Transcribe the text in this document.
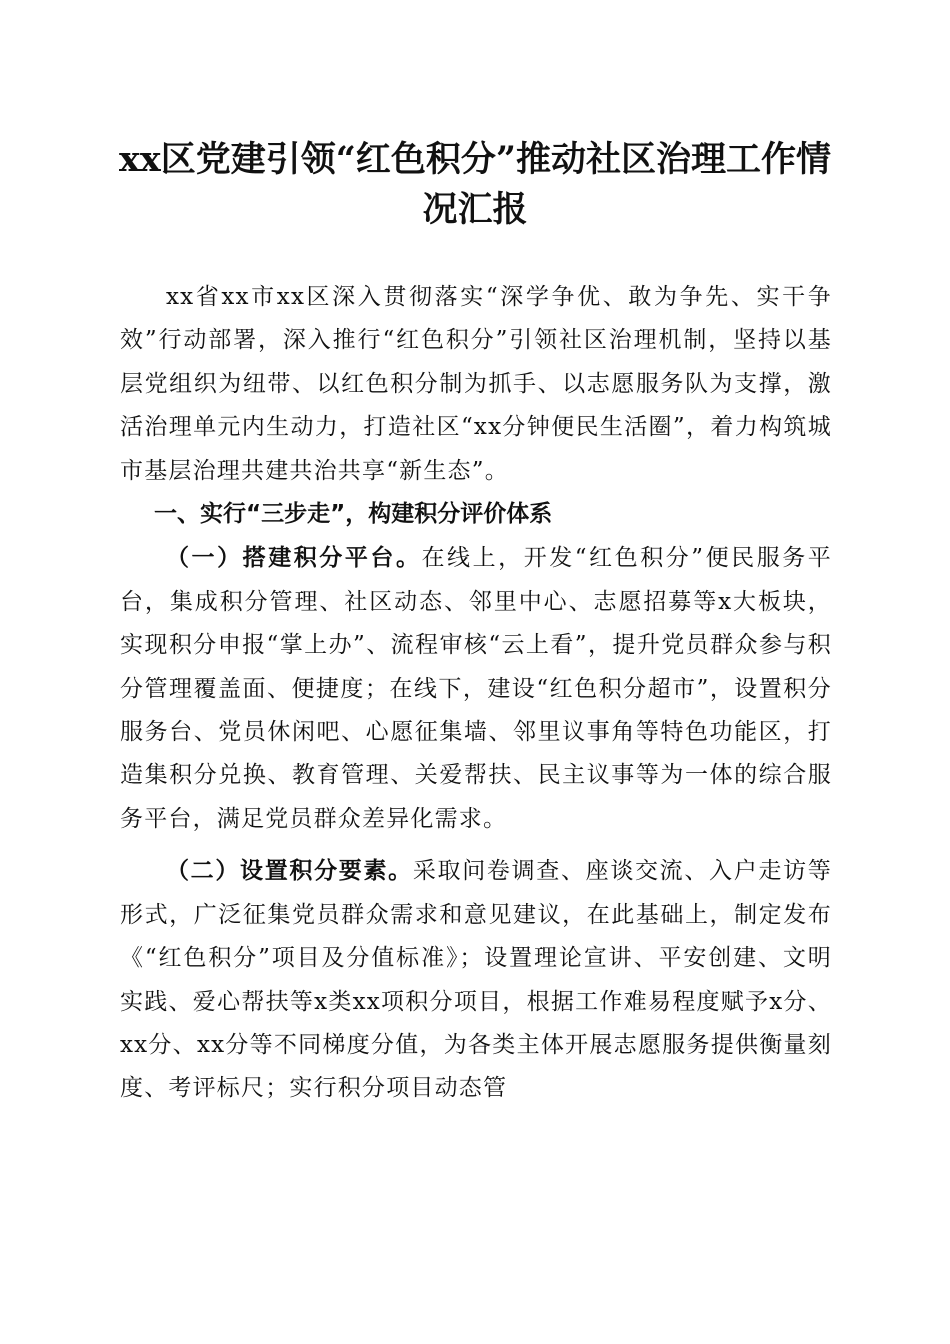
xx区党建引领“红色积分”推动社区治理工作情况汇报

xx省xx市xx区深入贯彻落实“深学争优、敢为争先、实干争效”行动部署，深入推行“红色积分”引领社区治理机制，坚持以基层党组织为纽带、以红色积分制为抓手、以志愿服务队为支撑，激活治理单元内生动力，打造社区“xx分钟便民生活圈”，着力构筑城市基层治理共建共治共享“新生态”。

一、实行“三步走”，构建积分评价体系

（一）搭建积分平台。在线上，开发“红色积分”便民服务平台，集成积分管理、社区动态、邻里中心、志愿招募等x大板块，实现积分申报“掌上办”、流程审核“云上看”，提升党员群众参与积分管理覆盖面、便捷度；在线下，建设“红色积分超市”，设置积分服务台、党员休闲吧、心愿征集墙、邻里议事角等特色功能区，打造集积分兑换、教育管理、关爱帮扶、民主议事等为一体的综合服务平台，满足党员群众差异化需求。

（二）设置积分要素。采取问卷调查、座谈交流、入户走访等形式，广泛征集党员群众需求和意见建议，在此基础上，制定发布《“红色积分”项目及分值标准》；设置理论宣讲、平安创建、文明实践、爱心帮扶等x类xx项积分项目，根据工作难易程度赋予x分、xx分、xx分等不同梯度分值，为各类主体开展志愿服务提供衡量刻度、考评标尺；实行积分项目动态管
